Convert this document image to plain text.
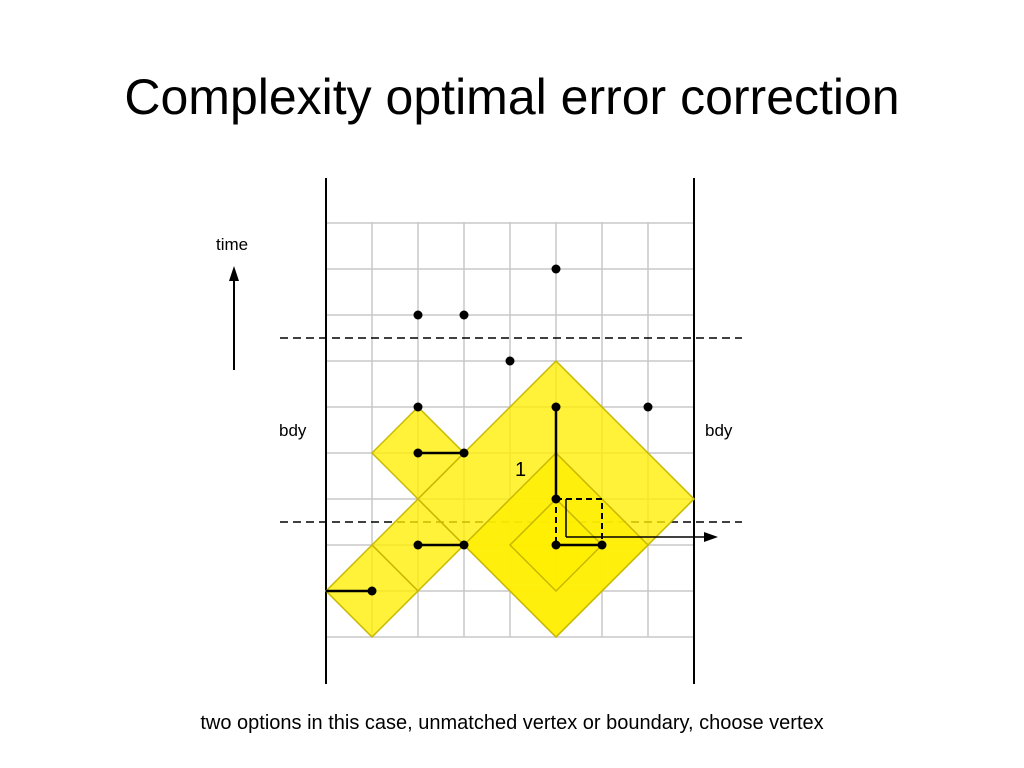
Complexity optimal error correction
time
bdy	bdy
1
two options in this case, unmatched vertex or boundary, choose vertex
